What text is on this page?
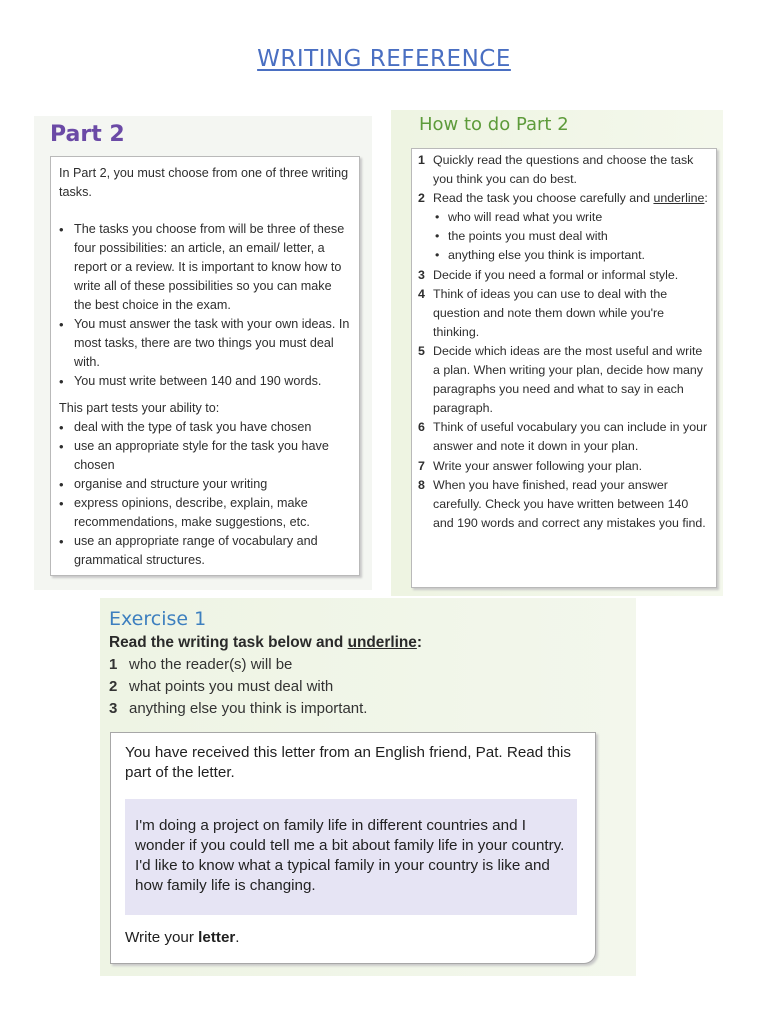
WRITING REFERENCE
Part 2

In Part 2, you must choose from one of three writing tasks.

• The tasks you choose from will be three of these four possibilities: an article, an email/ letter, a report or a review. It is important to know how to write all of these possibilities so you can make the best choice in the exam.
• You must answer the task with your own ideas. In most tasks, there are two things you must deal with.
• You must write between 140 and 190 words.

This part tests your ability to:

• deal with the type of task you have chosen
• use an appropriate style for the task you have chosen
• organise and structure your writing
• express opinions, describe, explain, make recommendations, make suggestions, etc.
• use an appropriate range of vocabulary and grammatical structures.
How to do Part 2
1 Quickly read the questions and choose the task you think you can do best.
2 Read the task you choose carefully and underline:
• who will read what you write
• the points you must deal with
• anything else you think is important.
3 Decide if you need a formal or informal style.
4 Think of ideas you can use to deal with the question and note them down while you're thinking.
5 Decide which ideas are the most useful and write a plan. When writing your plan, decide how many paragraphs you need and what to say in each paragraph.
6 Think of useful vocabulary you can include in your answer and note it down in your plan.
7 Write your answer following your plan.
8 When you have finished, read your answer carefully. Check you have written between 140 and 190 words and correct any mistakes you find.
Exercise 1
Read the writing task below and underline:
1 who the reader(s) will be
2 what points you must deal with
3 anything else you think is important.
You have received this letter from an English friend, Pat. Read this part of the letter.
I'm doing a project on family life in different countries and I wonder if you could tell me a bit about family life in your country. I'd like to know what a typical family in your country is like and how family life is changing.
Write your letter.
